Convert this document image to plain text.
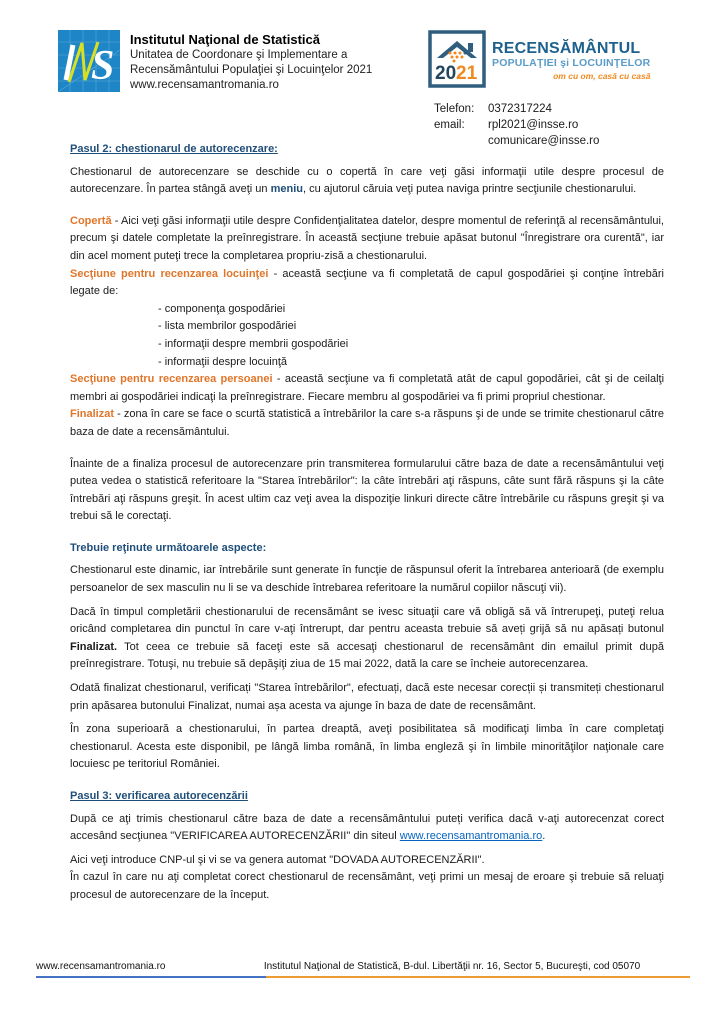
S
Institutul Naţional de Statistică
Unitatea de Coordonare şi Implementare a
Recensământului Populaţiei şi Locuinţelor 2021
www.recensamantromania.ro
20 21
RECENSĂMÂNTUL
POPULAŢIEI şi LOCUINŢELOR
om cu om, casă cu casă
Telefon:	0372317224
email:	rpl2021@insse.ro
comunicare@insse.ro
Pasul 2: chestionarul de autorecenzare:

Chestionarul de autorecenzare se deschide cu o copertă în care veţi găsi informaţii utile despre procesul de autorecenzare. În partea stângă aveţi un meniu, cu ajutorul căruia veţi putea naviga printre secţiunile chestionarului.

Copertă - Aici veţi găsi informaţii utile despre Confidenţialitatea datelor, despre momentul de referinţă al recensământului, precum şi datele completate la preînregistrare. În această secţiune trebuie apăsat butonul "Înregistrare ora curentă", iar din acel moment puteţi trece la completarea propriu-zisă a chestionarului.

Secţiune pentru recenzarea locuinţei - această secţiune va fi completată de capul gospodăriei şi conţine întrebări legate de:

- componenţa gospodăriei
- lista membrilor gospodăriei
- informaţii despre membrii gospodăriei
- informaţii despre locuinţă

Secţiune pentru recenzarea persoanei - această secţiune va fi completată atât de capul gopodăriei, cât şi de ceilalţi membri ai gospodăriei indicaţi la preînregistrare. Fiecare membru al gospodăriei va fi primi propriul chestionar.

Finalizat - zona în care se face o scurtă statistică a întrebărilor la care s-a răspuns şi de unde se trimite chestionarul către baza de date a recensământului.

Înainte de a finaliza procesul de autorecenzare prin transmiterea formularului către baza de date a recensământului veţi putea vedea o statistică referitoare la "Starea întrebărilor": la câte întrebări aţi răspuns, câte sunt fără răspuns şi la câte întrebări aţi răspuns greşit. În acest ultim caz veţi avea la dispoziţie linkuri directe către întrebările cu răspuns greşit şi va trebui să le corectaţi.

Trebuie reţinute următoarele aspecte:

Chestionarul este dinamic, iar întrebările sunt generate în funcţie de răspunsul oferit la întrebarea anterioară (de exemplu persoanelor de sex masculin nu li se va deschide întrebarea referitoare la numărul copiilor născuţi vii).

Dacă în timpul completării chestionarului de recensământ se ivesc situaţii care vă obligă să vă întrerupeţi, puteţi relua oricând completarea din punctul în care v-aţi întrerupt, dar pentru aceasta trebuie să aveți grijă să nu apăsați butonul Finalizat. Tot ceea ce trebuie să faceţi este să accesaţi chestionarul de recensământ din emailul primit după preînregistrare. Totuşi, nu trebuie să depăşiţi ziua de 15 mai 2022, dată la care se încheie autorecenzarea.

Odată finalizat chestionarul, verificați "Starea întrebărilor", efectuați, dacă este necesar corecții și transmiteți chestionarul prin apăsarea butonului Finalizat, numai așa acesta va ajunge în baza de date de recensământ.

În zona superioară a chestionarului, în partea dreaptă, aveţi posibilitatea să modificaţi limba în care completaţi chestionarul. Acesta este disponibil, pe lângă limba română, în limba engleză şi în limbile minorităţilor naţionale care locuiesc pe teritoriul României.

Pasul 3: verificarea autorecenzării

După ce aţi trimis chestionarul către baza de date a recensământului puteți verifica dacă v-aţi autorecenzat corect accesând secţiunea "VERIFICAREA AUTORECENZĂRII" din siteul www.recensamantromania.ro.

Aici veţi introduce CNP-ul şi vi se va genera automat "DOVADA AUTORECENZĂRII".
În cazul în care nu aţi completat corect chestionarul de recensământ, veţi primi un mesaj de eroare şi trebuie să reluaţi procesul de autorecenzare de la început.

www.recensamantromania.ro	Institutul Naţional de Statistică, B-dul. Libertăţii nr. 16, Sector 5, Bucureşti, cod 05070
